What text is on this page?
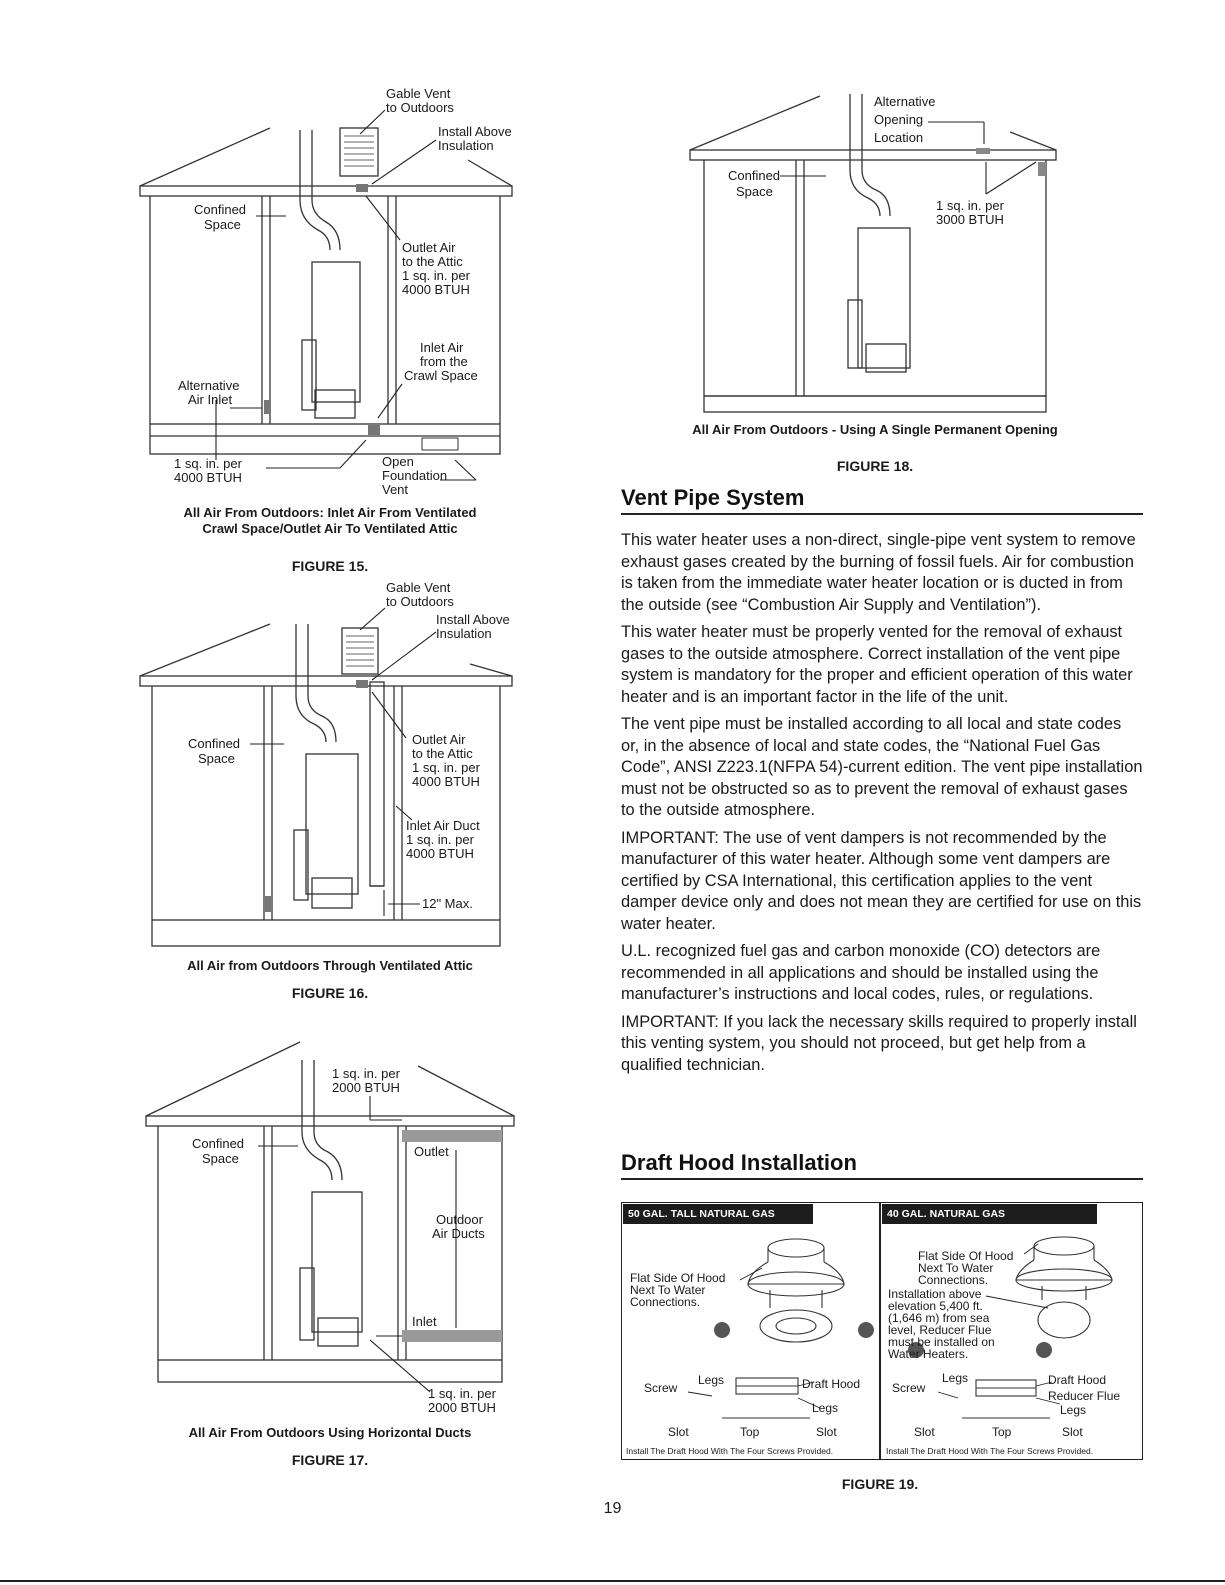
Gable Vent
to Outdoors
Install Above
Insulation
Confined
Space
Outlet Air
to the Attic
1 sq. in. per
4000 BTUH
Inlet Air
from the
Crawl Space
Alternative
Air Inlet
1 sq. in. per
4000 BTUH
Open
Foundation
Vent
All Air From Outdoors: Inlet Air From Ventilated
Crawl Space/Outlet Air To Ventilated Attic
FIGURE 15.
Gable Vent
to Outdoors
Install Above
Insulation
Confined
Space
Outlet Air
to the Attic
1 sq. in. per
4000 BTUH
Inlet Air Duct
1 sq. in. per
4000 BTUH
12" Max.
All Air from Outdoors Through Ventilated Attic
FIGURE 16.
1 sq. in. per
2000 BTUH
Confined
Space	Outlet
Outdoor
Air Ducts
Inlet
1 sq. in. per
2000 BTUH
All Air From Outdoors Using Horizontal Ducts
FIGURE 17.
Alternative
Opening
Location
Confined
Space
1 sq. in. per
3000 BTUH
All Air From Outdoors - Using A Single Permanent Opening
FIGURE 18.
Vent Pipe System

This water heater uses a non-direct, single-pipe vent system to remove exhaust gases created by the burning of fossil fuels. Air for combustion is taken from the immediate water heater location or is ducted in from the outside (see “Combustion Air Supply and Ventilation”).

This water heater must be properly vented for the removal of exhaust gases to the outside atmosphere. Correct installation of the vent pipe system is mandatory for the proper and efficient operation of this water heater and is an important factor in the life of the unit.

The vent pipe must be installed according to all local and state codes or, in the absence of local and state codes, the “National Fuel Gas Code”, ANSI Z223.1(NFPA 54)-current edition. The vent pipe installation must not be obstructed so as to prevent the removal of exhaust gases to the outside atmosphere.

IMPORTANT: The use of vent dampers is not recommended by the manufacturer of this water heater. Although some vent dampers are certified by CSA International, this certification applies to the vent damper device only and does not mean they are certified for use on this water heater.

U.L. recognized fuel gas and carbon monoxide (CO) detectors are recommended in all applications and should be installed using the manufacturer’s instructions and local codes, rules, or regulations.

IMPORTANT: If you lack the necessary skills required to properly install this venting system, you should not proceed, but get help from a qualified technician.

Draft Hood Installation
50 GAL. TALL NATURAL GAS	40 GAL. NATURAL GAS
Flat Side Of Hood
Next To Water
Connections.
Screw
Legs	Draft Hood
Legs
Slot	Top	Slot
Install The Draft Hood With The Four Screws Provided.
Flat Side Of Hood
Next To Water
Connections.
Installation above
elevation 5,400 ft.
(1,646 m) from sea
level, Reducer Flue
must be installed on
Water Heaters.
Screw
Legs	Draft Hood
Reducer Flue
Legs
Slot	Top	Slot
Install The Draft Hood With The Four Screws Provided.
FIGURE 19.
19
